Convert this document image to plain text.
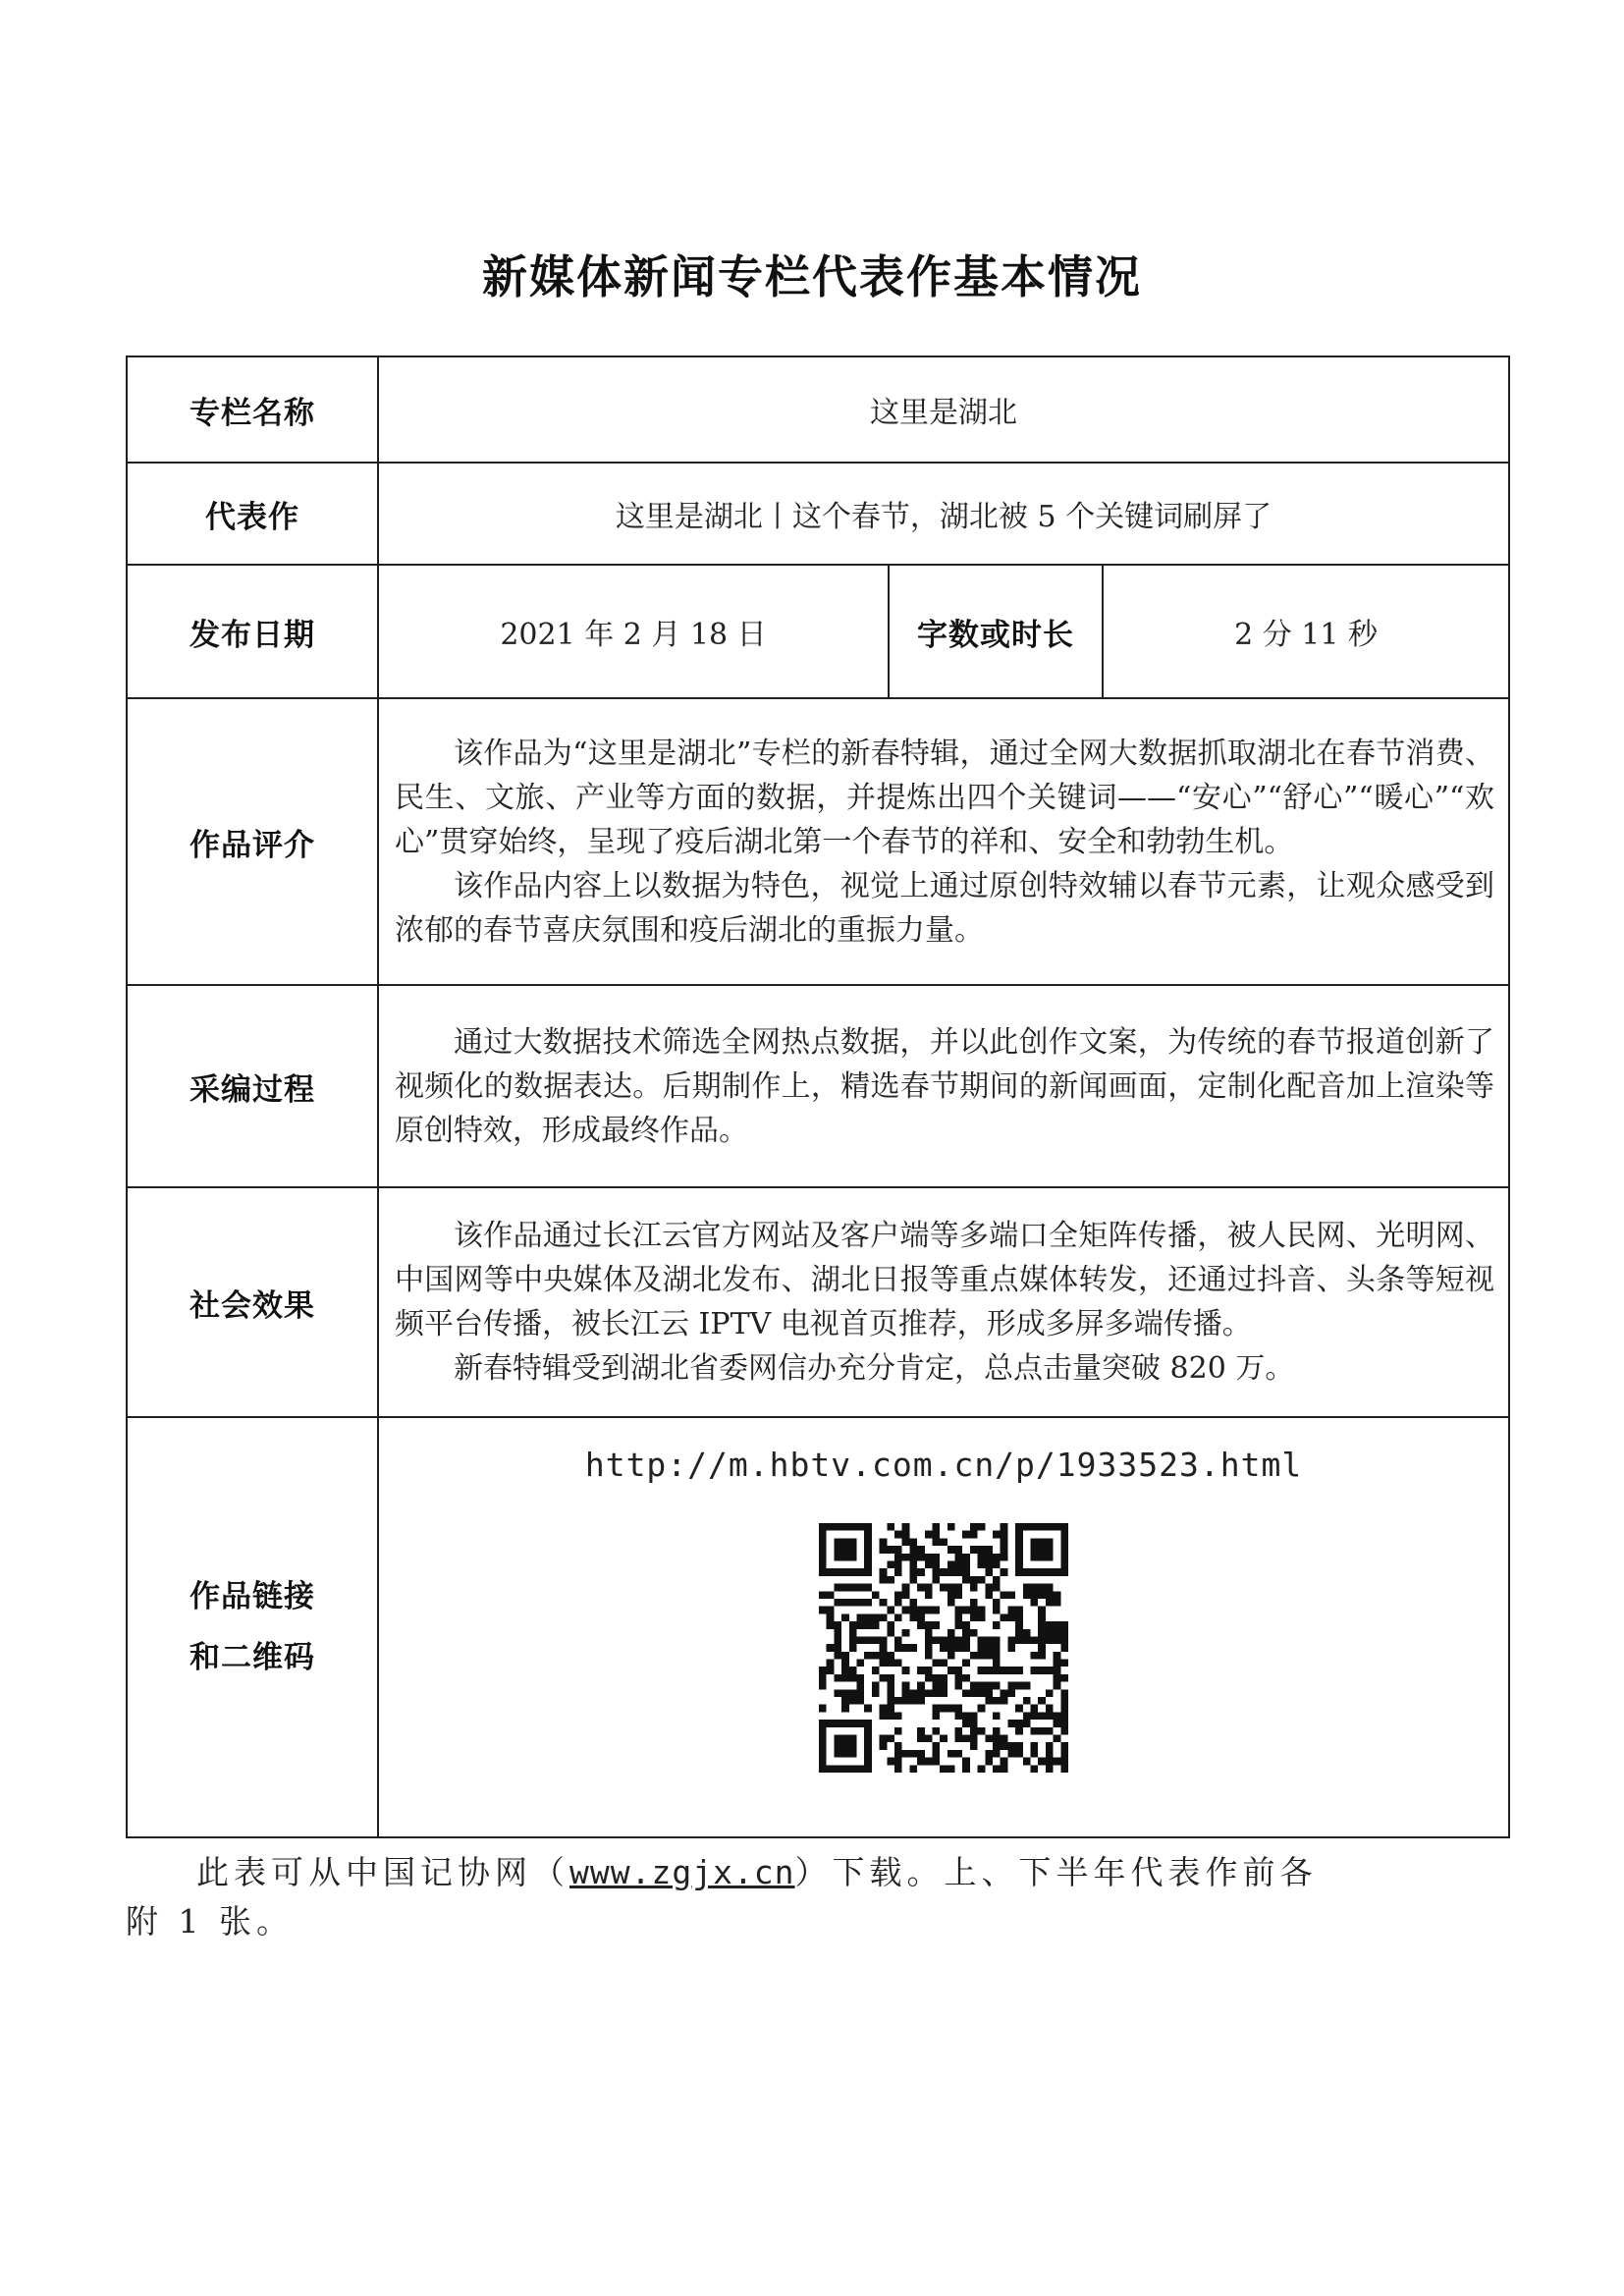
新媒体新闻专栏代表作基本情况
专栏名称	这里是湖北		
代表作	这里是湖北丨这个春节，湖北被 5 个关键词刷屏了		
发布日期	2021 年 2 月 18 日	字数或时长	2 分 11 秒
作品评介	该作品为“这里是湖北”专栏的新春特辑，通过全网大数据抓取湖北在春节消费、民生、文旅、产业等方面的数据，并提炼出四个关键词——“安心”“舒心”“暖心”“欢心”贯穿始终，呈现了疫后湖北第一个春节的祥和、安全和勃勃生机。

该作品内容上以数据为特色，视觉上通过原创特效辅以春节元素，让观众感受到浓郁的春节喜庆氛围和疫后湖北的重振力量。		

采编过程	通过大数据技术筛选全网热点数据，并以此创作文案，为传统的春节报道创新了视频化的数据表达。后期制作上，精选春节期间的新闻画面，定制化配音加上渲染等原创特效，形成最终作品。		

社会效果	该作品通过长江云官方网站及客户端等多端口全矩阵传播，被人民网、光明网、中国网等中央媒体及湖北发布、湖北日报等重点媒体转发，还通过抖音、头条等短视频平台传播，被长江云 IPTV 电视首页推荐，形成多屏多端传播。

新春特辑受到湖北省委网信办充分肯定，总点击量突破 820 万。		

作品链接
和二维码	http://m.hbtv.com.cn/p/1933523.html		
此表可从中国记协网（www.zgjx.cn）下载。上、下半年代表作前各
附 1 张。
